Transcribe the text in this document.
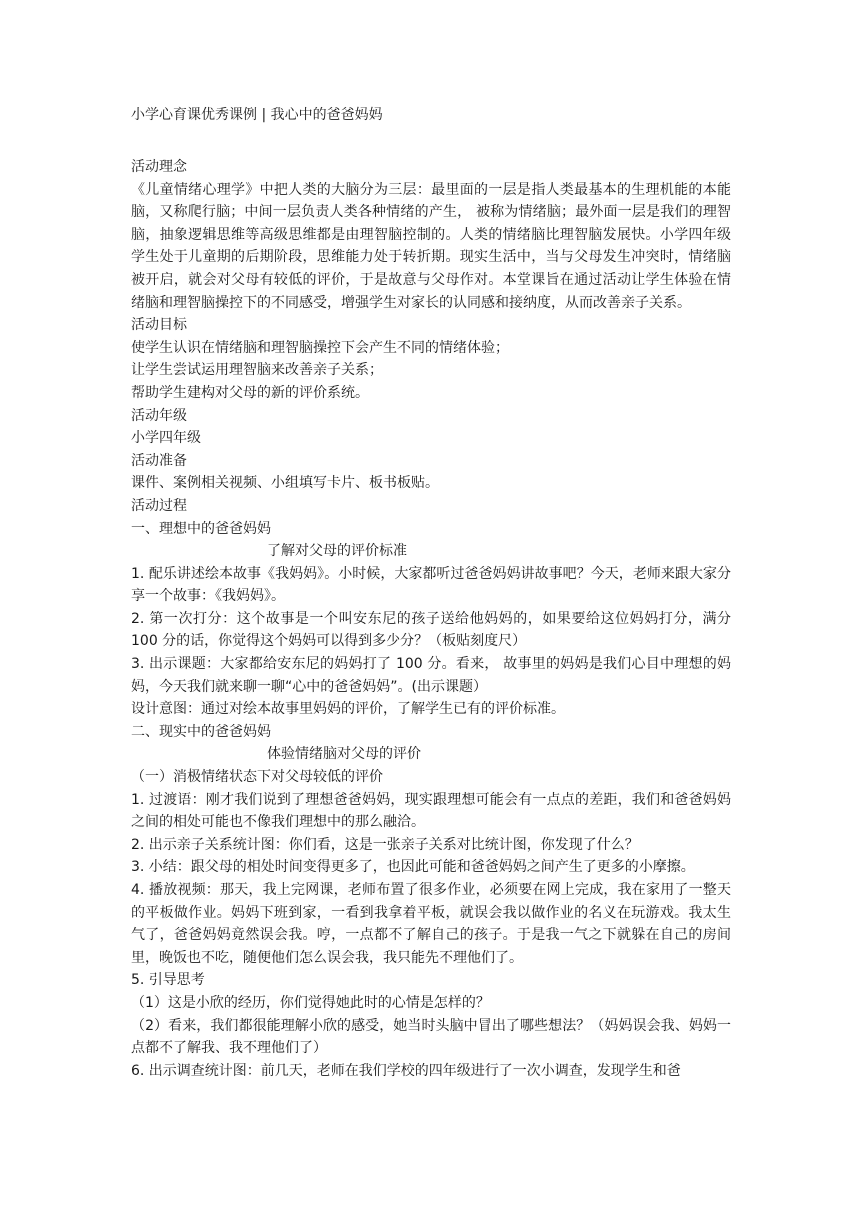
小学心育课优秀课例 | 我心中的爸爸妈妈
活动理念
《儿童情绪心理学》中把人类的大脑分为三层：最里面的一层是指人类最基本的生理机能的本能脑，又称爬行脑；中间一层负责人类各种情绪的产生， 被称为情绪脑；最外面一层是我们的理智脑，抽象逻辑思维等高级思维都是由理智脑控制的。人类的情绪脑比理智脑发展快。小学四年级学生处于儿童期的后期阶段，思维能力处于转折期。现实生活中，当与父母发生冲突时，情绪脑被开启，就会对父母有较低的评价，于是故意与父母作对。本堂课旨在通过活动让学生体验在情绪脑和理智脑操控下的不同感受，增强学生对家长的认同感和接纳度，从而改善亲子关系。
活动目标
使学生认识在情绪脑和理智脑操控下会产生不同的情绪体验；
让学生尝试运用理智脑来改善亲子关系；
帮助学生建构对父母的新的评价系统。
活动年级
小学四年级
活动准备
课件、案例相关视频、小组填写卡片、板书板贴。
活动过程
一、理想中的爸爸妈妈
了解对父母的评价标准
1. 配乐讲述绘本故事《我妈妈》。小时候，大家都听过爸爸妈妈讲故事吧？今天，老师来跟大家分享一个故事：《我妈妈》。
2. 第一次打分：这个故事是一个叫安东尼的孩子送给他妈妈的，如果要给这位妈妈打分，满分 100 分的话，你觉得这个妈妈可以得到多少分？（板贴刻度尺）
3. 出示课题：大家都给安东尼的妈妈打了 100 分。看来， 故事里的妈妈是我们心目中理想的妈妈，今天我们就来聊一聊“心中的爸爸妈妈”。(出示课题）
设计意图：通过对绘本故事里妈妈的评价，了解学生已有的评价标准。
二、现实中的爸爸妈妈
体验情绪脑对父母的评价
（一）消极情绪状态下对父母较低的评价
1. 过渡语：刚才我们说到了理想爸爸妈妈，现实跟理想可能会有一点点的差距，我们和爸爸妈妈之间的相处可能也不像我们理想中的那么融洽。
2. 出示亲子关系统计图：你们看，这是一张亲子关系对比统计图，你发现了什么？
3. 小结：跟父母的相处时间变得更多了，也因此可能和爸爸妈妈之间产生了更多的小摩擦。
4. 播放视频：那天，我上完网课，老师布置了很多作业，必须要在网上完成，我在家用了一整天的平板做作业。妈妈下班到家，一看到我拿着平板，就误会我以做作业的名义在玩游戏。我太生气了，爸爸妈妈竟然误会我。哼，一点都不了解自己的孩子。于是我一气之下就躲在自己的房间里，晚饭也不吃，随便他们怎么误会我，我只能先不理他们了。
5. 引导思考
（1）这是小欣的经历，你们觉得她此时的心情是怎样的？
（2）看来，我们都很能理解小欣的感受，她当时头脑中冒出了哪些想法？（妈妈误会我、妈妈一点都不了解我、我不理他们了）
6. 出示调查统计图：前几天，老师在我们学校的四年级进行了一次小调查，发现学生和爸
